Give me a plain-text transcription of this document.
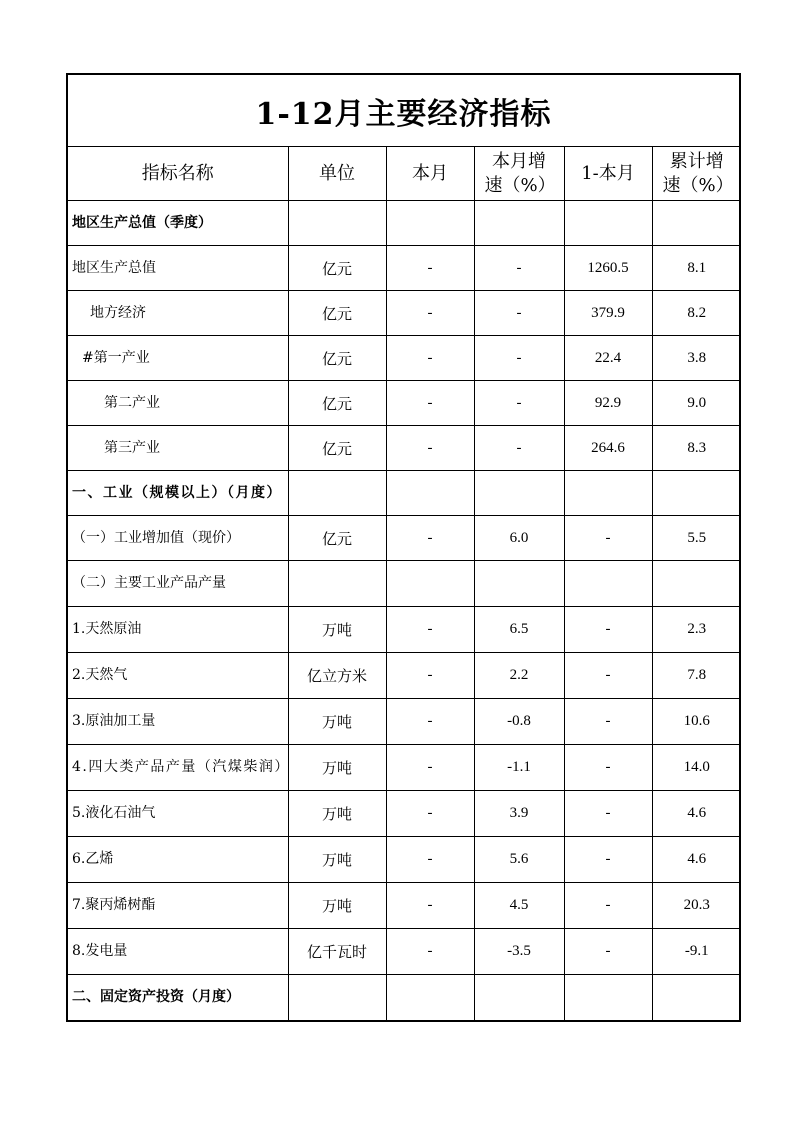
1-12月主要经济指标
指标名称	单位	本月	本月增速（%）	1-本月	累计增速（%）
地区生产总值（季度）					
地区生产总值	亿元	-	-	1260.5	8.1
地方经济	亿元	-	-	379.9	8.2
#第一产业	亿元	-	-	22.4	3.8
第二产业	亿元	-	-	92.9	9.0
第三产业	亿元	-	-	264.6	8.3
一、工业（规模以上）（月度）					
（一）工业增加值（现价）	亿元	-	6.0	-	5.5
（二）主要工业产品产量					
1.天然原油	万吨	-	6.5	-	2.3
2.天然气	亿立方米	-	2.2	-	7.8
3.原油加工量	万吨	-	-0.8	-	10.6
4.四大类产品产量（汽煤柴润）	万吨	-	-1.1	-	14.0
5.液化石油气	万吨	-	3.9	-	4.6
6.乙烯	万吨	-	5.6	-	4.6
7.聚丙烯树酯	万吨	-	4.5	-	20.3
8.发电量	亿千瓦时	-	-3.5	-	-9.1
二、固定资产投资（月度）					
